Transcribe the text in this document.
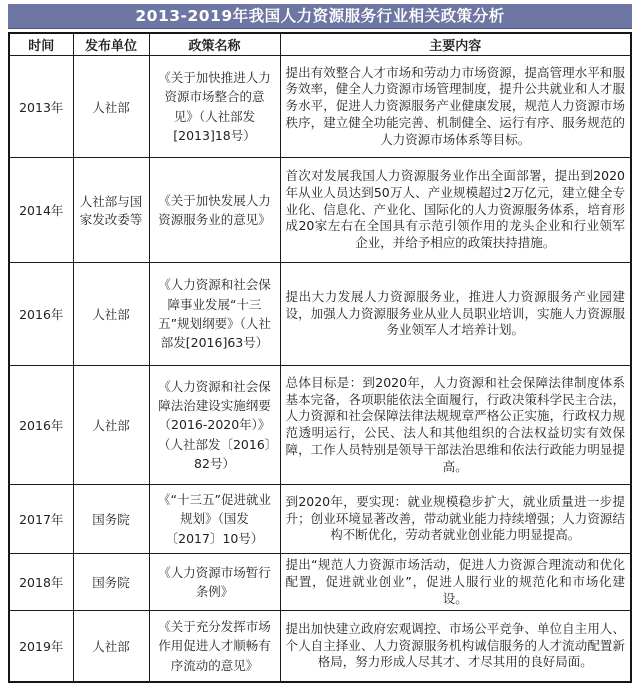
2013-2019年我国人力资源服务行业相关政策分析
时间	发布单位	政策名称	主要内容
2013年	人社部	《关于加快推进人力资源市场整合的意见》（人社部发[2013]18号）	提出有效整合人才市场和劳动力市场资源，提高管理水平和服务效率，健全人力资源市场管理制度，提升公共就业和人才服务水平，促进人力资源服务产业健康发展，规范人力资源市场秩序，建立健全功能完善、机制健全、运行有序、服务规范的人力资源市场体系等目标。
2014年	人社部与国家发改委等	《关于加快发展人力资源服务业的意见》	首次对发展我国人力资源服务业作出全面部署，提出到2020年从业人员达到50万人、产业规模超过2万亿元，建立健全专业化、信息化、产业化、国际化的人力资源服务体系，培育形成20家左右在全国具有示范引领作用的龙头企业和行业领军企业，并给予相应的政策扶持措施。
2016年	人社部	《人力资源和社会保障事业发展“十三五”规划纲要》（人社部发[2016]63号）	提出大力发展人力资源服务业，推进人力资源服务产业园建设，加强人力资源服务业从业人员职业培训，实施人力资源服务业领军人才培养计划。
2016年	人社部	《人力资源和社会保障法治建设实施纲要（2016-2020年）》（人社部发〔2016〕82号）	总体目标是：到2020年，人力资源和社会保障法律制度体系基本完备，各项职能依法全面履行，行政决策科学民主合法，人力资源和社会保障法律法规规章严格公正实施，行政权力规范透明运行，公民、法人和其他组织的合法权益切实有效保障，工作人员特别是领导干部法治思维和依法行政能力明显提高。
2017年	国务院	《“十三五”促进就业规划》（国发〔2017〕10号）	到2020年，要实现：就业规模稳步扩大，就业质量进一步提升；创业环境显著改善，带动就业能力持续增强；人力资源结构不断优化，劳动者就业创业能力明显提高。
2018年	国务院	《人力资源市场暂行条例》	提出“规范人力资源市场活动，促进人力资源合理流动和优化配置，促进就业创业”，促进人服行业的规范化和市场化建设。
2019年	人社部	《关于充分发挥市场作用促进人才顺畅有序流动的意见》	提出加快建立政府宏观调控、市场公平竞争、单位自主用人、个人自主择业、人力资源服务机构诚信服务的人才流动配置新格局，努力形成人尽其才、才尽其用的良好局面。
